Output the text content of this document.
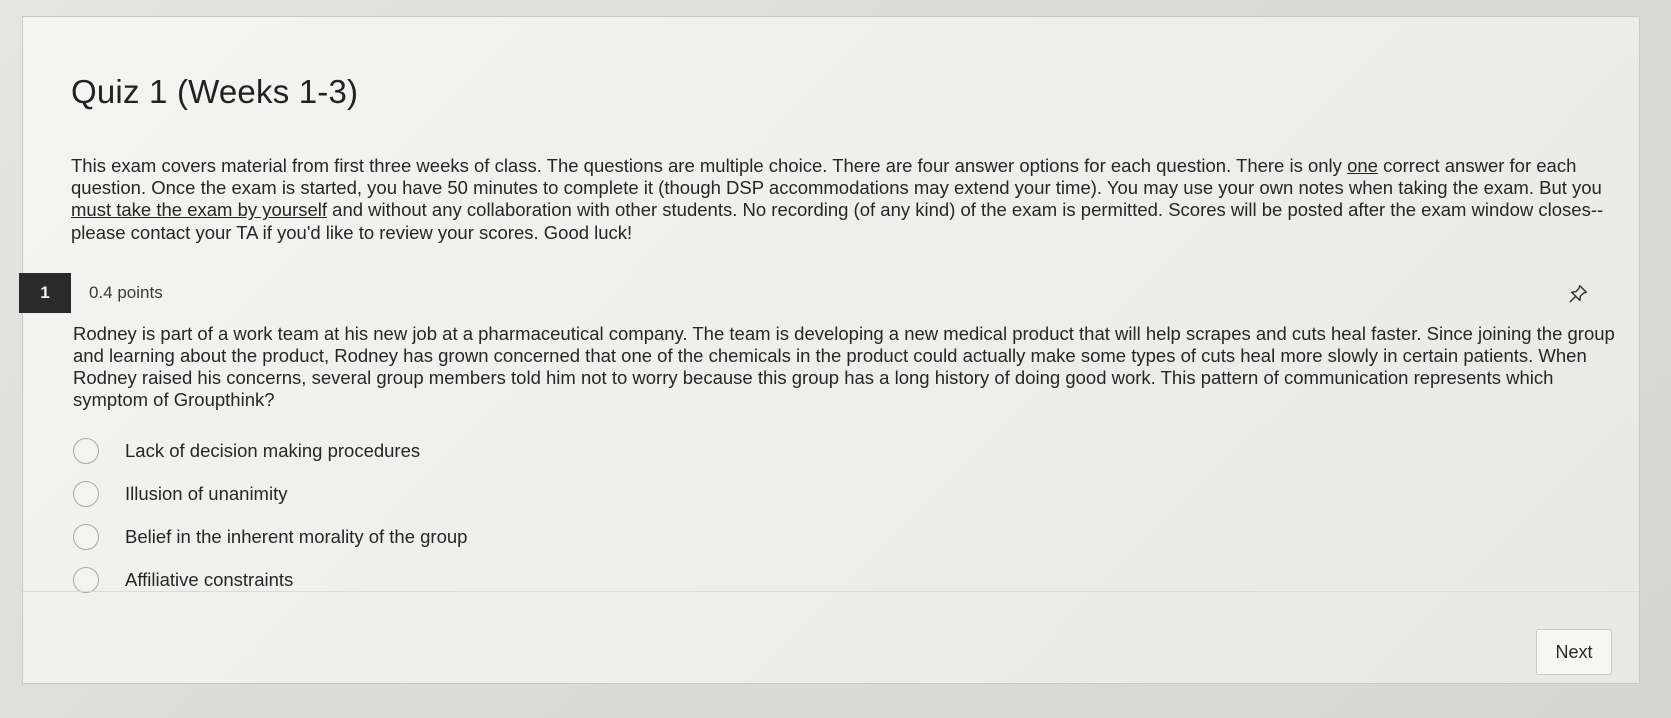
Quiz 1 (Weeks 1-3)

This exam covers material from first three weeks of class. The questions are multiple choice. There are four answer options for each question. There is only one correct answer for each question. Once the exam is started, you have 50 minutes to complete it (though DSP accommodations may extend your time). You may use your own notes when taking the exam. But you must take the exam by yourself and without any collaboration with other students. No recording (of any kind) of the exam is permitted. Scores will be posted after the exam window closes--please contact your TA if you'd like to review your scores. Good luck!

1	0.4 points

Rodney is part of a work team at his new job at a pharmaceutical company. The team is developing a new medical product that will help scrapes and cuts heal faster. Since joining the group and learning about the product, Rodney has grown concerned that one of the chemicals in the product could actually make some types of cuts heal more slowly in certain patients. When Rodney raised his concerns, several group members told him not to worry because this group has a long history of doing good work. This pattern of communication represents which symptom of Groupthink?

Lack of decision making procedures
Illusion of unanimity
Belief in the inherent morality of the group
Affiliative constraints
Next
